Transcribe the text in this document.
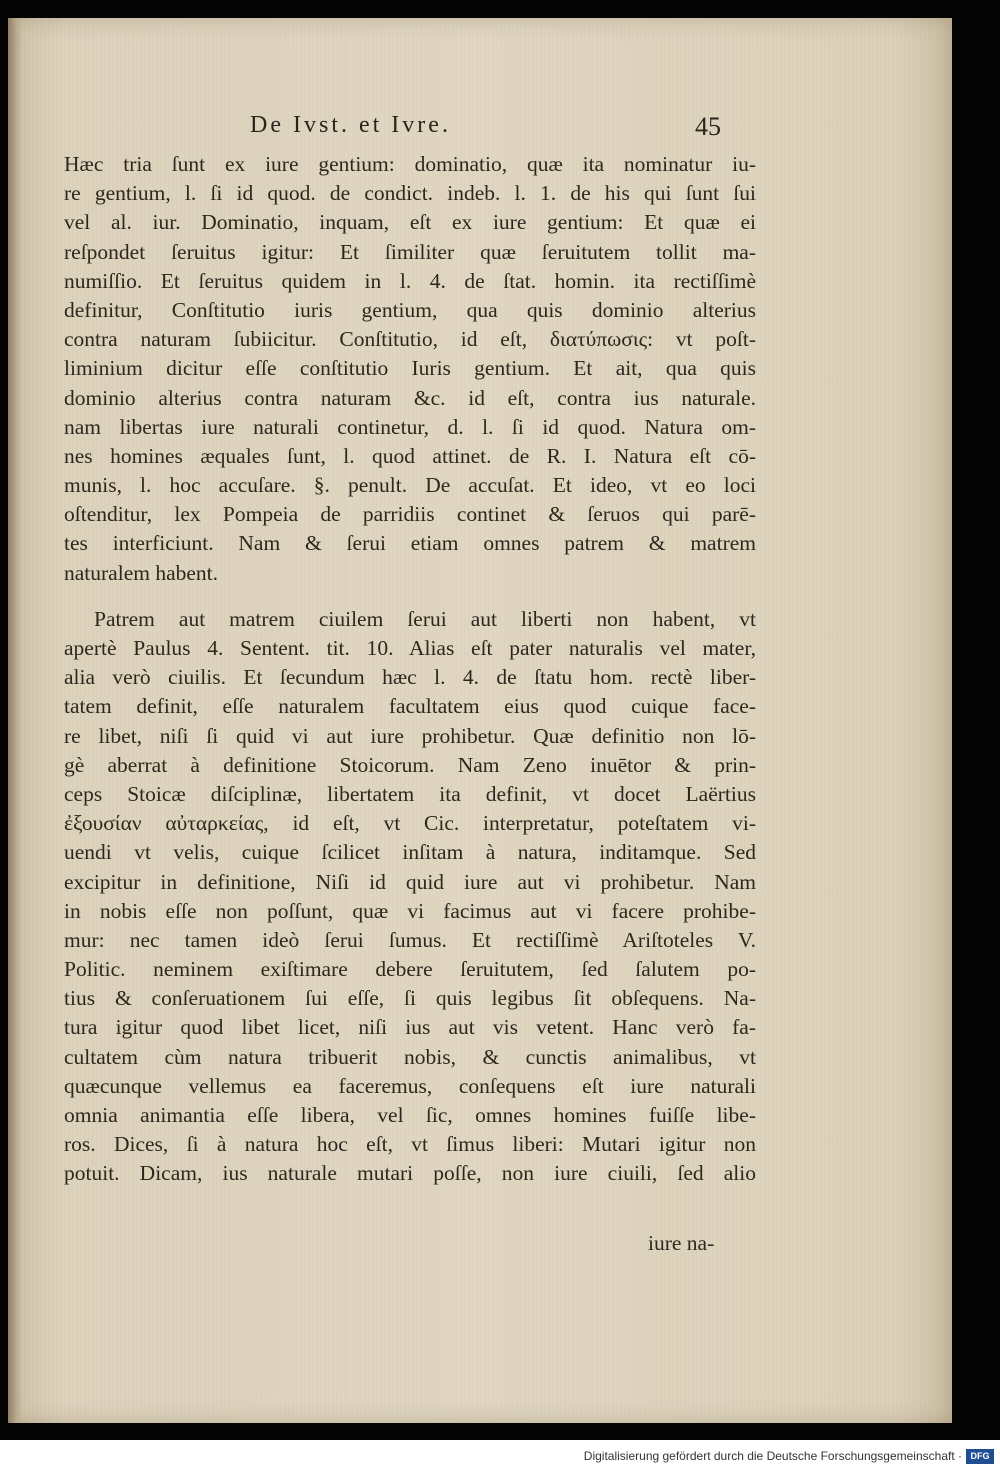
De Ivst. et Ivre.	45
Hæc tria ſunt ex iure gentium: dominatio, quæ ita nominatur iu-
re gentium, l. ſi id quod. de condict. indeb. l. 1. de his qui ſunt ſui
vel al. iur. Dominatio, inquam, eſt ex iure gentium: Et quæ ei
reſpondet ſeruitus igitur: Et ſimiliter quæ ſeruitutem tollit ma-
numiſſio. Et ſeruitus quidem in l. 4. de ſtat. homin. ita rectiſſimè
definitur, Conſtitutio iuris gentium, qua quis dominio alterius
contra naturam ſubiicitur. Conſtitutio, id eſt, διατύπωσις: vt poſt-
liminium dicitur eſſe conſtitutio Iuris gentium. Et ait, qua quis
dominio alterius contra naturam &c. id eſt, contra ius naturale.
nam libertas iure naturali continetur, d. l. ſi id quod. Natura om-
nes homines æquales ſunt, l. quod attinet. de R. I. Natura eſt cō-
munis, l. hoc accuſare. §. penult. De accuſat. Et ideo, vt eo loci
oſtenditur, lex Pompeia de parridiis continet & ſeruos qui parē-
tes interficiunt. Nam & ſerui etiam omnes patrem & matrem
naturalem habent.
Patrem aut matrem ciuilem ſerui aut liberti non habent, vt
apertè Paulus 4. Sentent. tit. 10. Alias eſt pater naturalis vel mater,
alia verò ciuilis. Et ſecundum hæc l. 4. de ſtatu hom. rectè liber-
tatem definit, eſſe naturalem facultatem eius quod cuique face-
re libet, niſi ſi quid vi aut iure prohibetur. Quæ definitio non lō-
gè aberrat à definitione Stoicorum. Nam Zeno inuētor & prin-
ceps Stoicæ diſciplinæ, libertatem ita definit, vt docet Laërtius
ἐξουσίαν αὐταρκείας, id eſt, vt Cic. interpretatur, poteſtatem vi-
uendi vt velis, cuique ſcilicet inſitam à natura, inditamque. Sed
excipitur in definitione, Niſi id quid iure aut vi prohibetur. Nam
in nobis eſſe non poſſunt, quæ vi facimus aut vi facere prohibe-
mur: nec tamen ideò ſerui ſumus. Et rectiſſimè Ariſtoteles V.
Politic. neminem exiſtimare debere ſeruitutem, ſed ſalutem po-
tius & conſeruationem ſui eſſe, ſi quis legibus ſit obſequens. Na-
tura igitur quod libet licet, niſi ius aut vis vetent. Hanc verò fa-
cultatem cùm natura tribuerit nobis, & cunctis animalibus, vt
quæcunque vellemus ea faceremus, conſequens eſt iure naturali
omnia animantia eſſe libera, vel ſic, omnes homines fuiſſe libe-
ros. Dices, ſi à natura hoc eſt, vt ſimus liberi: Mutari igitur non
potuit. Dicam, ius naturale mutari poſſe, non iure ciuili, ſed alio
iure na-
Digitalisierung gefördert durch die Deutsche Forschungsgemeinschaft · DFG
